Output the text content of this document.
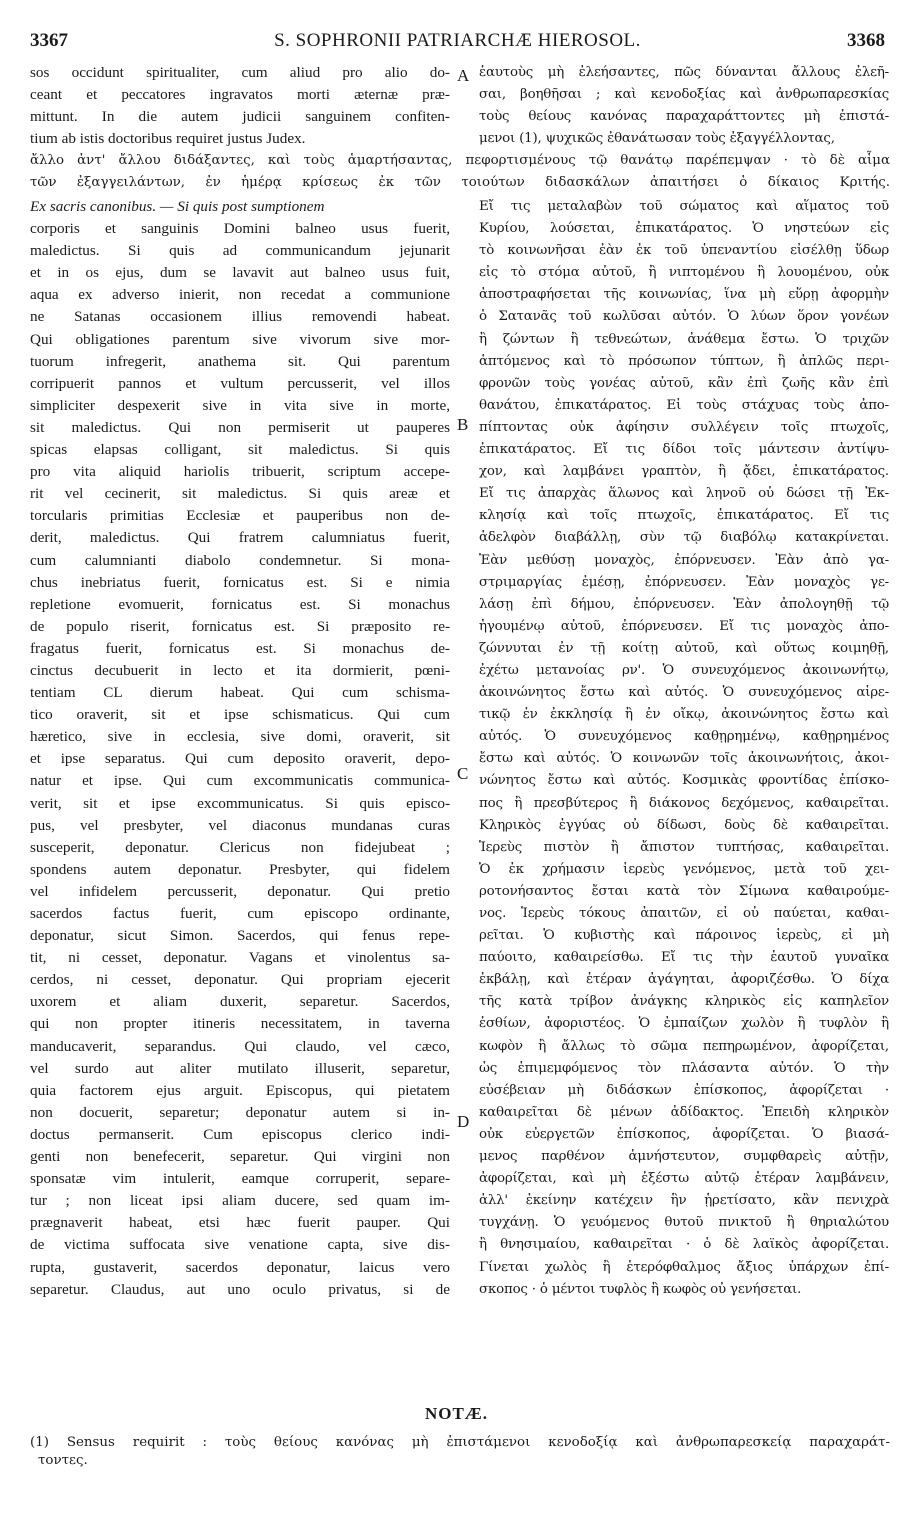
3367	S. SOPHRONII PATRIARCHÆ HIEROSOL.	3368

sos occidunt spiritualiter, cum aliud pro alio do-

ceant et peccatores ingravatos morti æternæ præ-

mittunt. In die autem judicii sanguinem confiten-

tium ab istis doctoribus requiret justus Judex.

ἑαυτοὺς μὴ ἐλεήσαντες, πῶς δύνανται ἄλλους ἐλεῆ-

σαι, βοηθῆσαι ; καὶ κενοδοξίας καὶ ἀνθρωπαρεσκίας

τοὺς θείους κανόνας παραχαράττοντες μὴ ἐπιστά-

μενοι (1), ψυχικῶς ἐθανάτωσαν τοὺς ἐξαγγέλλοντας,

ἄλλο ἀντ' ἄλλου διδάξαντες, καὶ τοὺς ἁμαρτήσαντας, πεφορτισμένους τῷ θανάτῳ παρέπεμψαν · τὸ δὲ αἷμα

τῶν ἐξαγγειλάντων, ἐν ἡμέρᾳ κρίσεως ἐκ τῶν τοιούτων διδασκάλων ἀπαιτήσει ὁ δίκαιος Κριτής.

Ex sacris canonibus. — Si quis post sumptionem

corporis et sanguinis Domini balneo usus fuerit,

maledictus. Si quis ad communicandum jejunarit

et in os ejus, dum se lavavit aut balneo usus fuit,

aqua ex adverso inierit, non recedat a communione

ne Satanas occasionem illius removendi habeat.

Qui obligationes parentum sive vivorum sive mor-

tuorum infregerit, anathema sit. Qui parentum

corripuerit pannos et vultum percusserit, vel illos

simpliciter despexerit sive in vita sive in morte,

sit maledictus. Qui non permiserit ut pauperes

spicas elapsas colligant, sit maledictus. Si quis

pro vita aliquid hariolis tribuerit, scriptum accepe-

rit vel cecinerit, sit maledictus. Si quis areæ et

torcularis primitias Ecclesiæ et pauperibus non de-

derit, maledictus. Qui fratrem calumniatus fuerit,

cum calumnianti diabolo condemnetur. Si mona-

chus inebriatus fuerit, fornicatus est. Si e nimia

repletione evomuerit, fornicatus est. Si monachus

de populo riserit, fornicatus est. Si præposito re-

fragatus fuerit, fornicatus est. Si monachus de-

cinctus decubuerit in lecto et ita dormierit, pœni-

tentiam CL dierum habeat. Qui cum schisma-

tico oraverit, sit et ipse schismaticus. Qui cum

hæretico, sive in ecclesia, sive domi, oraverit, sit

et ipse separatus. Qui cum deposito oraverit, depo-

natur et ipse. Qui cum excommunicatis communica-

verit, sit et ipse excommunicatus. Si quis episco-

pus, vel presbyter, vel diaconus mundanas curas

susceperit, deponatur. Clericus non fidejubeat ;

spondens autem deponatur. Presbyter, qui fidelem

vel infidelem percusserit, deponatur. Qui pretio

sacerdos factus fuerit, cum episcopo ordinante,

deponatur, sicut Simon. Sacerdos, qui fenus repe-

tit, ni cesset, deponatur. Vagans et vinolentus sa-

cerdos, ni cesset, deponatur. Qui propriam ejecerit

uxorem et aliam duxerit, separetur. Sacerdos,

qui non propter itineris necessitatem, in taverna

manducaverit, separandus. Qui claudo, vel cæco,

vel surdo aut aliter mutilato illuserit, separetur,

quia factorem ejus arguit. Episcopus, qui pietatem

non docuerit, separetur; deponatur autem si in-

doctus permanserit. Cum episcopus clerico indi-

genti non benefecerit, separetur. Qui virgini non

sponsatæ vim intulerit, eamque corruperit, separe-

tur ; non liceat ipsi aliam ducere, sed quam im-

prægnaverit habeat, etsi hæc fuerit pauper. Qui

de victima suffocata sive venatione capta, sive dis-

rupta, gustaverit, sacerdos deponatur, laicus vero

separetur. Claudus, aut uno oculo privatus, si de

Εἴ τις μεταλαβὼν τοῦ σώματος καὶ αἵματος τοῦ

Κυρίου, λούσεται, ἐπικατάρατος. Ὁ νηστεύων εἰς

τὸ κοινωνῆσαι ἐὰν ἐκ τοῦ ὑπεναντίου εἰσέλθῃ ὕδωρ

εἰς τὸ στόμα αὐτοῦ, ἢ νιπτομένου ἢ λουομένου, οὐκ

ἀποστραφήσεται τῆς κοινωνίας, ἵνα μὴ εὕρῃ ἀφορμὴν

ὁ Σατανᾶς τοῦ κωλῦσαι αὐτόν. Ὁ λύων ὅρον γονέων

ἢ ζώντων ἢ τεθνεώτων, ἀνάθεμα ἔστω. Ὁ τριχῶν

ἁπτόμενος καὶ τὸ πρόσωπον τύπτων, ἢ ἁπλῶς περι-

φρονῶν τοὺς γονέας αὐτοῦ, κἂν ἐπὶ ζωῆς κἂν ἐπὶ

θανάτου, ἐπικατάρατος. Εἰ τοὺς στάχυας τοὺς ἀπο-

πίπτοντας οὐκ ἀφίησιν συλλέγειν τοῖς πτωχοῖς,

ἐπικατάρατος. Εἴ τις δίδοι τοῖς μάντεσιν ἀντίψυ-

χον, καὶ λαμβάνει γραπτὸν, ἢ ᾄδει, ἐπικατάρατος.

Εἴ τις ἀπαρχὰς ἅλωνος καὶ ληνοῦ οὐ δώσει τῇ Ἐκ-

κλησίᾳ καὶ τοῖς πτωχοῖς, ἐπικατάρατος. Εἴ τις

ἀδελφὸν διαβάλλῃ, σὺν τῷ διαβόλῳ κατακρίνεται.

Ἐὰν μεθύσῃ μοναχὸς, ἐπόρνευσεν. Ἐὰν ἀπὸ γα-

στριμαργίας ἐμέσῃ, ἐπόρνευσεν. Ἐὰν μοναχὸς γε-

λάσῃ ἐπὶ δήμου, ἐπόρνευσεν. Ἐὰν ἀπολογηθῇ τῷ

ἡγουμένῳ αὐτοῦ, ἐπόρνευσεν. Εἴ τις μοναχὸς ἀπο-

ζώννυται ἐν τῇ κοίτῃ αὐτοῦ, καὶ οὕτως κοιμηθῇ,

ἐχέτω μετανοίας ρν'. Ὁ συνευχόμενος ἀκοινωνήτῳ,

ἀκοινώνητος ἔστω καὶ αὐτός. Ὁ συνευχόμενος αἱρε-

τικῷ ἐν ἐκκλησίᾳ ἢ ἐν οἴκῳ, ἀκοινώνητος ἔστω καὶ

αὐτός. Ὁ συνευχόμενος καθῃρημένῳ, καθῃρημένος

ἔστω καὶ αὐτός. Ὁ κοινωνῶν τοῖς ἀκοινωνήτοις, ἀκοι-

νώνητος ἔστω καὶ αὐτός. Κοσμικὰς φροντίδας ἐπίσκο-

πος ἢ πρεσβύτερος ἢ διάκονος δεχόμενος, καθαιρεῖται.

Κληρικὸς ἐγγύας οὐ δίδωσι, δοὺς δὲ καθαιρεῖται.

Ἱερεὺς πιστὸν ἢ ἄπιστον τυπτήσας, καθαιρεῖται.

Ὁ ἐκ χρήμασιν ἱερεὺς γενόμενος, μετὰ τοῦ χει-

ροτονήσαντος ἔσται κατὰ τὸν Σίμωνα καθαιρούμε-

νος. Ἱερεὺς τόκους ἀπαιτῶν, εἰ οὐ παύεται, καθαι-

ρεῖται. Ὁ κυβιστὴς καὶ πάροινος ἱερεὺς, εἰ μὴ

παύοιτο, καθαιρείσθω. Εἴ τις τὴν ἑαυτοῦ γυναῖκα

ἐκβάλῃ, καὶ ἑτέραν ἀγάγηται, ἀφοριζέσθω. Ὁ δίχα

τῆς κατὰ τρίβον ἀνάγκης κληρικὸς εἰς καπηλεῖον

ἐσθίων, ἀφοριστέος. Ὁ ἐμπαίζων χωλὸν ἢ τυφλὸν ἢ

κωφὸν ἢ ἄλλως τὸ σῶμα πεπηρωμένον, ἀφορίζεται,

ὡς ἐπιμεμφόμενος τὸν πλάσαντα αὐτόν. Ὁ τὴν

εὐσέβειαν μὴ διδάσκων ἐπίσκοπος, ἀφορίζεται ·

καθαιρεῖται δὲ μένων ἀδίδακτος. Ἐπειδὴ κληρικὸν

οὐκ εὐεργετῶν ἐπίσκοπος, ἀφορίζεται. Ὁ βιασά-

μενος παρθένον ἀμνήστευτον, συμφθαρεὶς αὐτῇν,

ἀφορίζεται, καὶ μὴ ἐξέστω αὐτῷ ἑτέραν λαμβάνειν,

ἀλλ' ἐκείνην κατέχειν ἣν ᾑρετίσατο, κἂν πενιχρὰ

τυγχάνῃ. Ὁ γευόμενος θυτοῦ πνικτοῦ ἢ θηριαλώτου

ἢ θνησιμαίου, καθαιρεῖται · ὁ δὲ λαϊκὸς ἀφορίζεται.

Γίνεται χωλὸς ἢ ἑτερόφθαλμος ἄξιος ὑπάρχων ἐπί-

σκοπος · ὁ μέντοι τυφλὸς ἢ κωφὸς οὐ γενήσεται.

A
B
C
D
NOTÆ.

(1) Sensus requirit : τοὺς θείους κανόνας μὴ ἐπιστάμενοι κενοδοξίᾳ καὶ ἀνθρωπαρεσκείᾳ παραχαράτ-

τοντες.
